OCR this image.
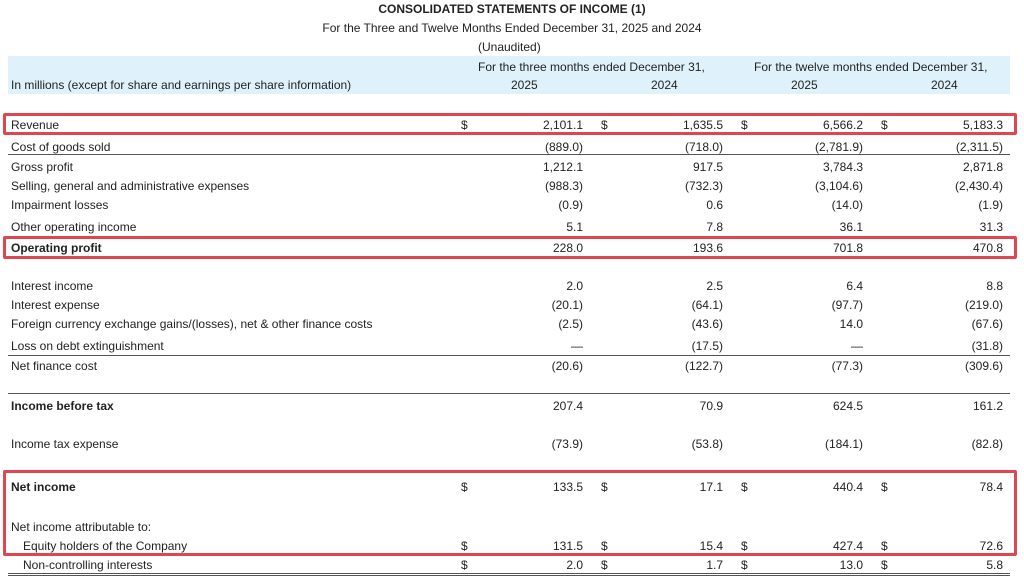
CONSOLIDATED STATEMENTS OF INCOME (1)
For the Three and Twelve Months Ended December 31, 2025 and 2024
(Unaudited)
For the three months ended December 31,	For the twelve months ended December 31,
In millions (except for share and earnings per share information)	2025	2024	2025	2024
Revenue	$	2,101.1 $	1,635.5 $	6,566.2 $	5,183.3
Cost of goods sold	(889.0)	(718.0)	(2,781.9)	(2,311.5)
Gross profit	1,212.1	917.5	3,784.3	2,871.8
Selling, general and administrative expenses	(988.3)	(732.3)	(3,104.6)	(2,430.4)
Impairment losses	(0.9)	0.6	(14.0)	(1.9)
Other operating income	5.1	7.8	36.1	31.3
Operating profit	228.0	193.6	701.8	470.8
Interest income	2.0	2.5	6.4	8.8
Interest expense	(20.1)	(64.1)	(97.7)	(219.0)
Foreign currency exchange gains/(losses), net & other finance costs	(2.5)	(43.6)	14.0	(67.6)
Loss on debt extinguishment	—	(17.5)	—	(31.8)
Net finance cost	(20.6)	(122.7)	(77.3)	(309.6)
Income before tax	207.4	70.9	624.5	161.2
Income tax expense	(73.9)	(53.8)	(184.1)	(82.8)
Net income	$	133.5 $	17.1 $	440.4 $	78.4
Net income attributable to:
Equity holders of the Company	$	131.5 $	15.4 $	427.4 $	72.6
Non-controlling interests	$	2.0 $	1.7 $	13.0 $	5.8
